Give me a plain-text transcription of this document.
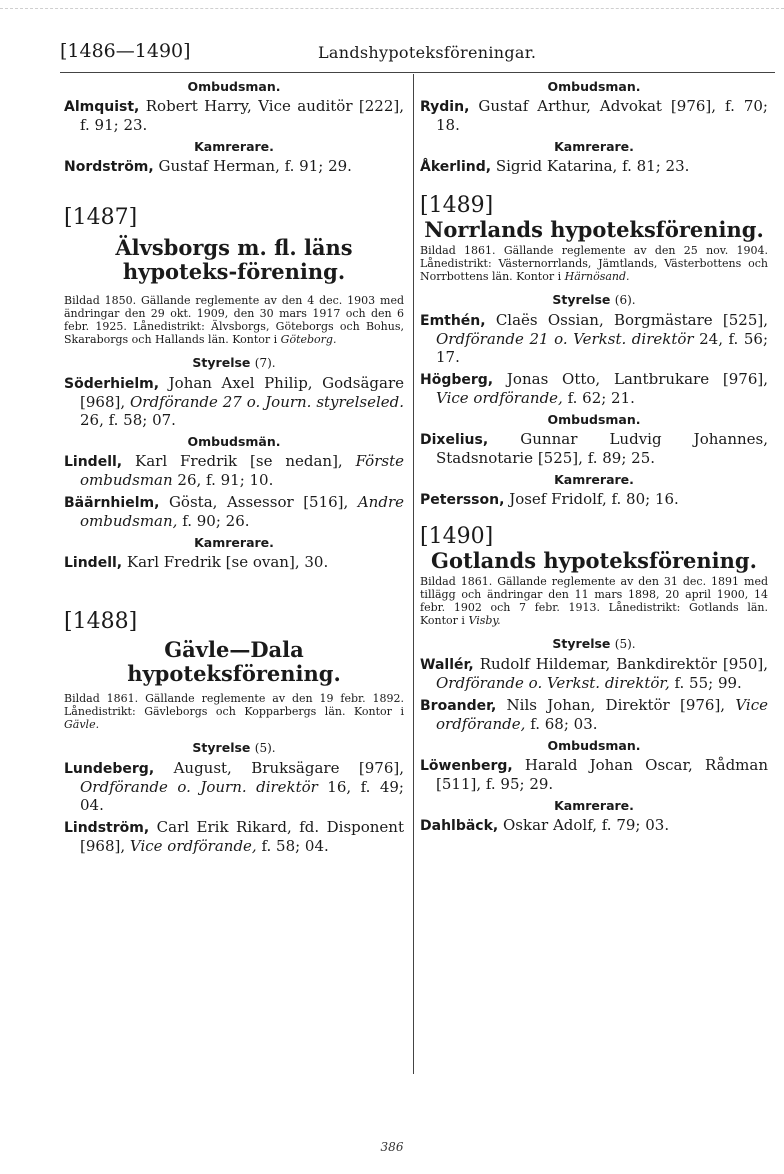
[1486—1490]	Landshypoteksföreningar.
Ombudsman.
Almquist, Robert Harry, Vice auditör [222], f. 91; 23.
Kamrerare.
Nordström, Gustaf Herman, f. 91; 29.
[1487]
Älvsborgs m. fl. läns hypoteks-förening.
Bildad 1850. Gällande reglemente av den 4 dec. 1903 med ändringar den 29 okt. 1909, den 30 mars 1917 och den 6 febr. 1925. Lånedistrikt: Älvsborgs, Göteborgs och Bohus, Skaraborgs och Hallands län. Kontor i Göteborg.
Styrelse (7).
Söderhielm, Johan Axel Philip, Godsägare [968], Ordförande 27 o. Journ. styrelseled. 26, f. 58; 07.
Ombudsmän.
Lindell, Karl Fredrik [se nedan], Förste ombudsman 26, f. 91; 10.
Bäärnhielm, Gösta, Assessor [516], Andre ombudsman, f. 90; 26.
Kamrerare.
Lindell, Karl Fredrik [se ovan], 30.
[1488]
Gävle—Dala hypoteksförening.
Bildad 1861. Gällande reglemente av den 19 febr. 1892. Lånedistrikt: Gävleborgs och Kopparbergs län. Kontor i Gävle.
Styrelse (5).
Lundeberg, August, Bruksägare [976], Ordförande o. Journ. direktör 16, f. 49; 04.
Lindström, Carl Erik Rikard, fd. Disponent [968], Vice ordförande, f. 58; 04.
Ombudsman.
Rydin, Gustaf Arthur, Advokat [976], f. 70; 18.
Kamrerare.
Åkerlind, Sigrid Katarina, f. 81; 23.
[1489]
Norrlands hypoteksförening.
Bildad 1861. Gällande reglemente av den 25 nov. 1904. Lånedistrikt: Västernorrlands, Jämtlands, Västerbottens och Norrbottens län. Kontor i Härnösand.
Styrelse (6).
Emthén, Claës Ossian, Borgmästare [525], Ordförande 21 o. Verkst. direktör 24, f. 56; 17.
Högberg, Jonas Otto, Lantbrukare [976], Vice ordförande, f. 62; 21.
Ombudsman.
Dixelius, Gunnar Ludvig Johannes, Stadsnotarie [525], f. 89; 25.
Kamrerare.
Petersson, Josef Fridolf, f. 80; 16.
[1490]
Gotlands hypoteksförening.
Bildad 1861. Gällande reglemente av den 31 dec. 1891 med tillägg och ändringar den 11 mars 1898, 20 april 1900, 14 febr. 1902 och 7 febr. 1913. Lånedistrikt: Gotlands län. Kontor i Visby.
Styrelse (5).
Wallér, Rudolf Hildemar, Bankdirektör [950], Ordförande o. Verkst. direktör, f. 55; 99.
Broander, Nils Johan, Direktör [976], Vice ordförande, f. 68; 03.
Ombudsman.
Löwenberg, Harald Johan Oscar, Rådman [511], f. 95; 29.
Kamrerare.
Dahlbäck, Oskar Adolf, f. 79; 03.
386
